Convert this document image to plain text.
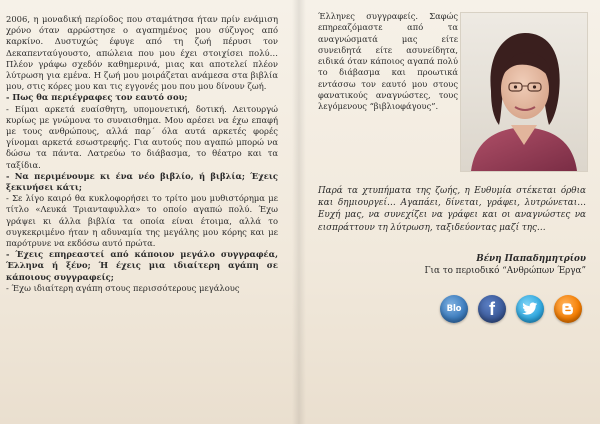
2006, η μοναδική περίοδος που σταμάτησα ήταν πρίν ενάμιση χρόνο όταν αρρώστησε ο αγαπημένος μου σύζυγος από καρκίνο. Δυστυχώς έφυγε από τη ζωή πέρυσι τον Δεκαπενταύγουστο, απώλεια που μου έχει στοιχίσει πολύ… Πλέον γράφω σχεδόν καθημερινά, μιας και αποτελεί πλέον λύτρωση για εμένα. Η ζωή μου μοιράζεται ανάμεσα στα βιβλία μου, στις κόρες μου και τις εγγονές μου που μου δίνουν ζωή.

- Πως θα περιέγραφες τον εαυτό σου;

- Είμαι αρκετά ευαίσθητη, υπομονετική, δοτική. Λειτουργώ κυρίως με γνώμονα το συναισθημα. Μου αρέσει να έχω επαφή με τους ανθρώπους, αλλά παρ΄ όλα αυτά αρκετές φορές γίνομαι αρκετά εσωστρεφής. Για αυτούς που αγαπώ μπορώ να δώσω τα πάντα. Λατρεύω το διάβασμα, το θέατρο και τα ταξίδια.

- Να περιμένουμε κι ένα νέο βιβλίο, ή βιβλία; Έχεις ξεκινήσει κάτι;

- Σε λίγο καιρό θα κυκλοφορήσει το τρίτο μου μυθιστόρημα με τίτλο «Λευκά Τριανταφυλλα» το οποίο αγαπώ πολύ. Έχω γράψει κι άλλα βιβλία τα οποία είναι έτοιμα, αλλά το συγκεκριμένο ήταν η αδυναμία της μεγάλης μου κόρης και με παρότρυνε να εκδόσω αυτό πρώτα.

- Έχεις επηρεαστεί από κάποιον μεγάλο συγγραφέα, Έλληνα ή ξένο; Ή έχεις μια ιδιαίτερη αγάπη σε κάποιους συγγραφείς;

- Έχω ιδιαίτερη αγάπη στους περισσότερους μεγάλους

Έλληνες συγγραφείς. Σαφώς επηρεαζόμαστε από τα αναγνώσματά μας είτε συνειδητά είτε ασυνείδητα, ειδικά όταν κάποιος αγαπά πολύ το διάβασμα και προωτικά εντάσσω τον εαυτό μου στους φανατικούς αναγνώστες, τους λεγόμενους “βιβλιοφάγους”.

Παρά τα χτυπήματα της ζωής, η Ευθυμία στέκεται όρθια και δημιουργεί… Αγαπάει, δίνεται, γράφει, λυτρώνεται… Ευχή μας, να συνεχίζει να γράφει και οι αναγνώστες να εισπράττουν τη λύτρωση, ταξιδεύοντας μαζί της…

Βένη Παπαδημητρίου
Για το περιοδικό “Ανθρώπων Έργα”
Blo f
